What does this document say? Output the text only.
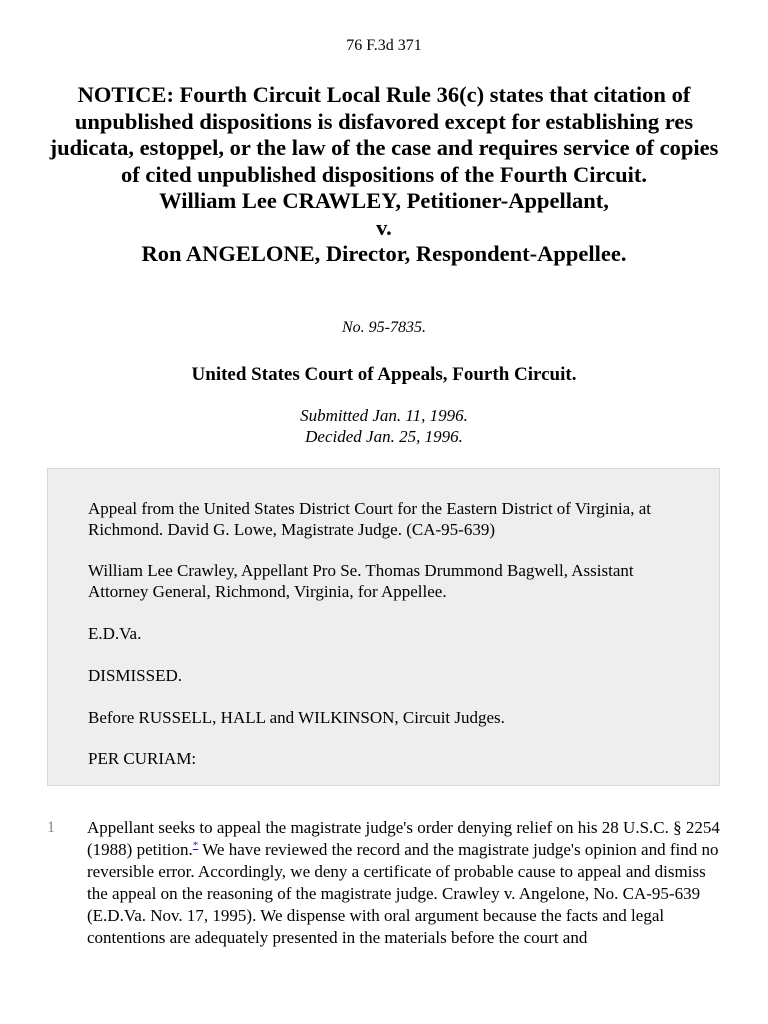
76 F.3d 371
NOTICE: Fourth Circuit Local Rule 36(c) states that citation of unpublished dispositions is disfavored except for establishing res judicata, estoppel, or the law of the case and requires service of copies of cited unpublished dispositions of the Fourth Circuit.
William Lee CRAWLEY, Petitioner-Appellant,
v.
Ron ANGELONE, Director, Respondent-Appellee.
No. 95-7835.
United States Court of Appeals, Fourth Circuit.
Submitted Jan. 11, 1996.
Decided Jan. 25, 1996.

Appeal from the United States District Court for the Eastern District of Virginia, at Richmond. David G. Lowe, Magistrate Judge. (CA-95-639)

William Lee Crawley, Appellant Pro Se. Thomas Drummond Bagwell, Assistant Attorney General, Richmond, Virginia, for Appellee.

E.D.Va.

DISMISSED.

Before RUSSELL, HALL and WILKINSON, Circuit Judges.

PER CURIAM:

1 Appellant seeks to appeal the magistrate judge's order denying relief on his 28 U.S.C. § 2254 (1988) petition.* We have reviewed the record and the magistrate judge's opinion and find no reversible error. Accordingly, we deny a certificate of probable cause to appeal and dismiss the appeal on the reasoning of the magistrate judge. Crawley v. Angelone, No. CA-95-639 (E.D.Va. Nov. 17, 1995). We dispense with oral argument because the facts and legal contentions are adequately presented in the materials before the court and
